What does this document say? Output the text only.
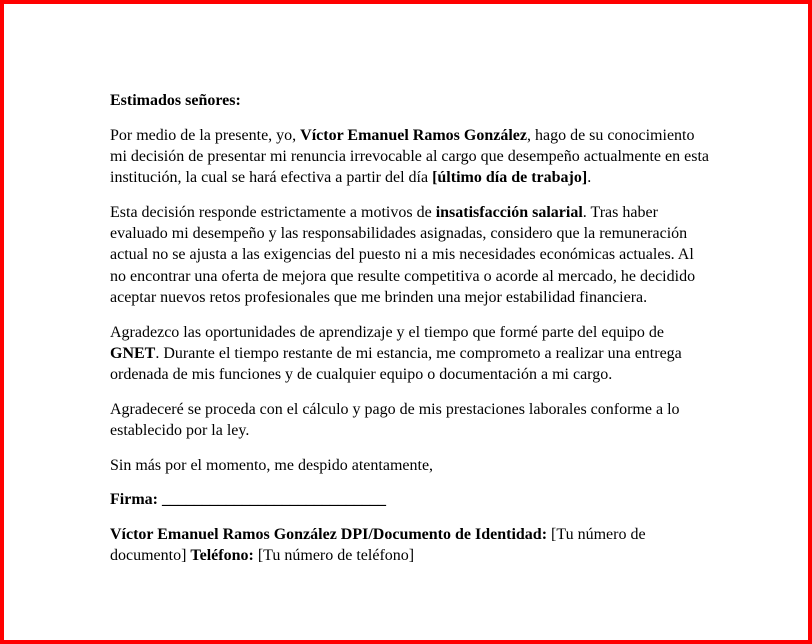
Estimados señores:

Por medio de la presente, yo, Víctor Emanuel Ramos González, hago de su conocimiento mi decisión de presentar mi renuncia irrevocable al cargo que desempeño actualmente en esta institución, la cual se hará efectiva a partir del día [último día de trabajo].

Esta decisión responde estrictamente a motivos de insatisfacción salarial. Tras haber evaluado mi desempeño y las responsabilidades asignadas, considero que la remuneración actual no se ajusta a las exigencias del puesto ni a mis necesidades económicas actuales. Al no encontrar una oferta de mejora que resulte competitiva o acorde al mercado, he decidido aceptar nuevos retos profesionales que me brinden una mejor estabilidad financiera.

Agradezco las oportunidades de aprendizaje y el tiempo que formé parte del equipo de GNET. Durante el tiempo restante de mi estancia, me comprometo a realizar una entrega ordenada de mis funciones y de cualquier equipo o documentación a mi cargo.

Agradeceré se proceda con el cálculo y pago de mis prestaciones laborales conforme a lo establecido por la ley.

Sin más por el momento, me despido atentamente,

Firma: ____________________________

Víctor Emanuel Ramos González DPI/Documento de Identidad: [Tu número de documento] Teléfono: [Tu número de teléfono]
